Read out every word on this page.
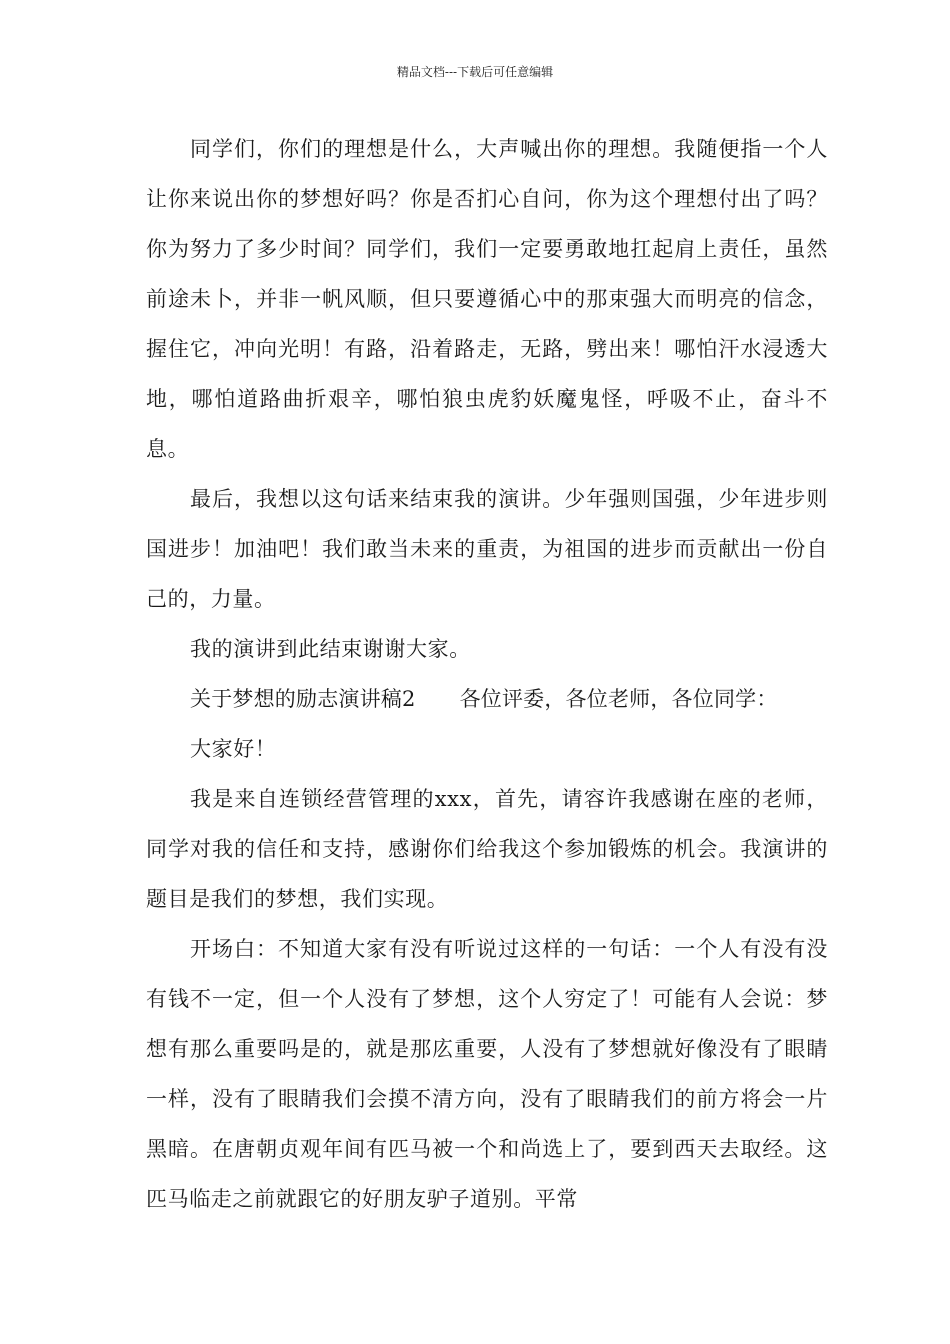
精品文档---下载后可任意编辑

同学们，你们的理想是什么，大声喊出你的理想。我随便指一个人让你来说出你的梦想好吗？你是否扪心自问，你为这个理想付出了吗？你为努力了多少时间？同学们，我们一定要勇敢地扛起肩上责任，虽然前途未卜，并非一帆风顺，但只要遵循心中的那束强大而明亮的信念，握住它，冲向光明！有路，沿着路走，无路，劈出来！哪怕汗水浸透大地，哪怕道路曲折艰辛，哪怕狼虫虎豹妖魔鬼怪，呼吸不止，奋斗不息。

最后，我想以这句话来结束我的演讲。少年强则国强，少年进步则国进步！加油吧！我们敢当未来的重责，为祖国的进步而贡献出一份自己的，力量。

我的演讲到此结束谢谢大家。

关于梦想的励志演讲稿2 各位评委，各位老师，各位同学：

大家好！

我是来自连锁经营管理的xxx，首先，请容许我感谢在座的老师，同学对我的信任和支持，感谢你们给我这个参加锻炼的机会。我演讲的题目是我们的梦想，我们实现。

开场白：不知道大家有没有听说过这样的一句话：一个人有没有没有钱不一定，但一个人没有了梦想，这个人穷定了！可能有人会说：梦想有那么重要吗是的，就是那庅重要，人没有了梦想就好像没有了眼睛一样，没有了眼睛我们会摸不清方向，没有了眼睛我们的前方将会一片黑暗。在唐朝贞观年间有匹马被一个和尚选上了，要到西天去取经。这匹马临走之前就跟它的好朋友驴子道别。平常
